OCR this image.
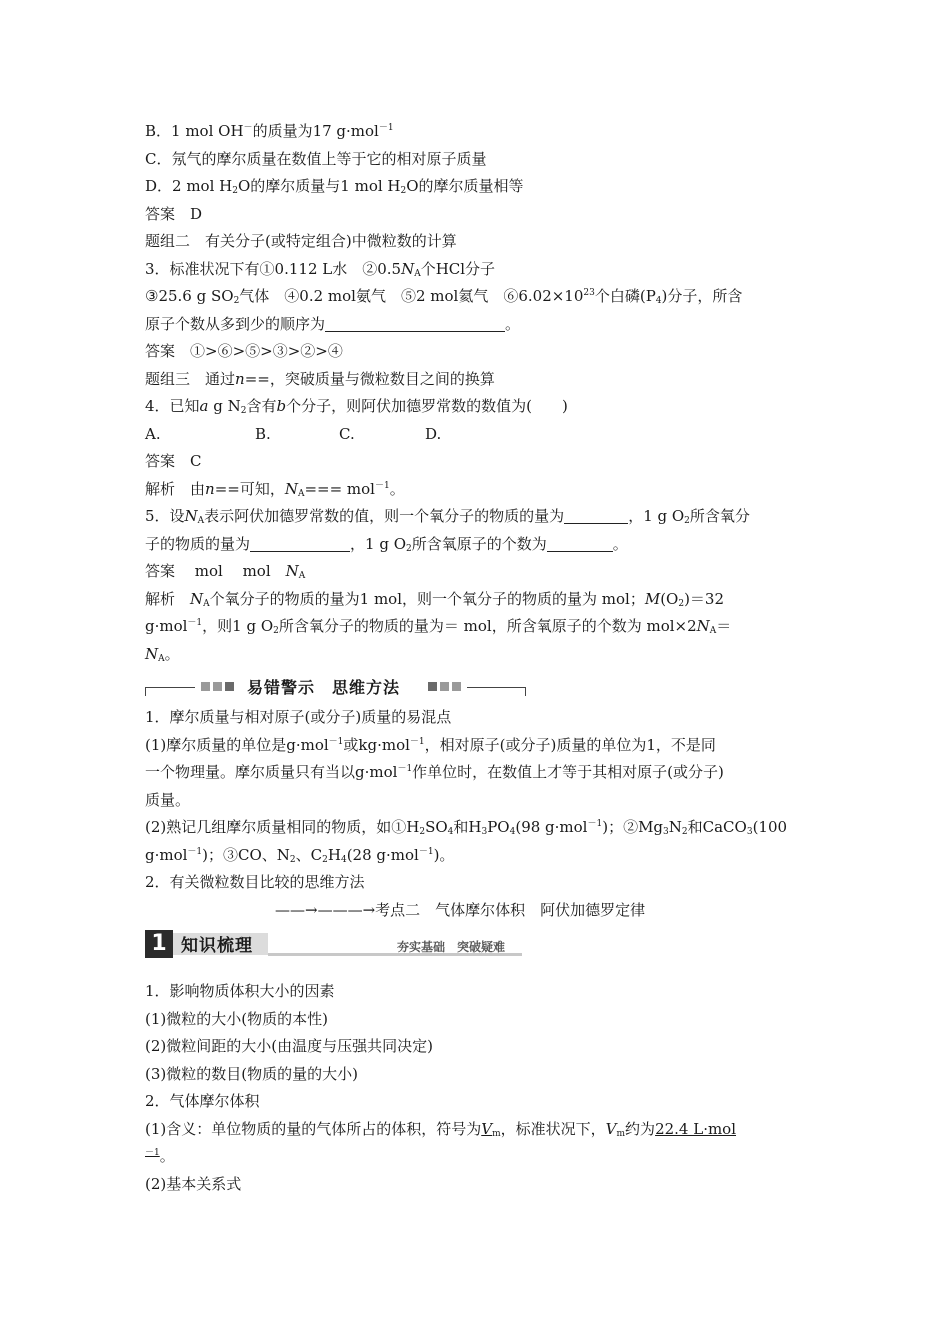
B．1 mol OH－的质量为17 g·mol$^{-1}$
C．氖气的摩尔质量在数值上等于它的相对原子质量
D．2 mol $H_2O$的摩尔质量与1 mol $H_2O$的摩尔质量相等
答案　D
题组二　有关分子(或特定组合)中微粒数的计算
3．标准状况下有①0.112 L水　$②0.5N_A$个HCl分子
③25.6 g $SO_2$气体　④0.2 mol氨气　⑤2 mol氦气　$⑥6.02\times 10^{23}$个白磷$(P_4)$分子，所含
原子个数从多到少的顺序为	。
答案　①>⑥>⑤>③>②>④
题组三　通过n==，突破质量与微粒数目之间的换算
4．已知a g $N_2$含有b个分子，则阿伏加德罗常数的数值为(　　)
A.	B.	C.	D.
答案　C
解析　由n==可知，$N_A=== mol^{-1}$。
5．设$N_A$表示阿伏加德罗常数的值，则一个氧分子的物质的量为	，1 g $O_2$所含氧分
子的物质的量为	，1 g $O_2$所含氧原子的个数为	。
答案　 mol　 mol　$N_A$
解析　$N_A$个氧分子的物质的量为1 mol，则一个氧分子的物质的量为 mol；$M(O_2)=32$
g·mol$^{-1}$，则1 g $O_2$所含氧分子的物质的量为＝ mol，所含氧原子的个数为 $mol\times 2N_A=$
$N_A$。
易错警示　思维方法
1．摩尔质量与相对原子(或分子)质量的易混点
(1)摩尔质量的单位是g·mol$^{-1}$或kg·mol$^{-1}$，相对原子(或分子)质量的单位为1，不是同
一个物理量。摩尔质量只有当以g·mol$^{-1}$作单位时，在数值上才等于其相对原子(或分子)
质量。
(2)熟记几组摩尔质量相同的物质，如$①H_2SO_4$和$H_3PO_4(98$ g·mol$^{-1}$)；$②Mg_3N_2$和CaCO$_3$(100
g·mol$^{-1}$)；③CO、$N_2$、$C_2H_4(28$ g·mol$^{-1}$)。
2．有关微粒数目比较的思维方法
——→———→考点二　气体摩尔体积　阿伏加德罗定律
1 知识梳理	夯实基础　突破疑难
1．影响物质体积大小的因素
(1)微粒的大小(物质的本性)
(2)微粒间距的大小(由温度与压强共同决定)
(3)微粒的数目(物质的量的大小)
2．气体摩尔体积
(1)含义：单位物质的量的气体所占的体积，符号为$V_m$，标准状况下，$V_m$约为22.4 L·mol
$^{-1}$。
(2)基本关系式
